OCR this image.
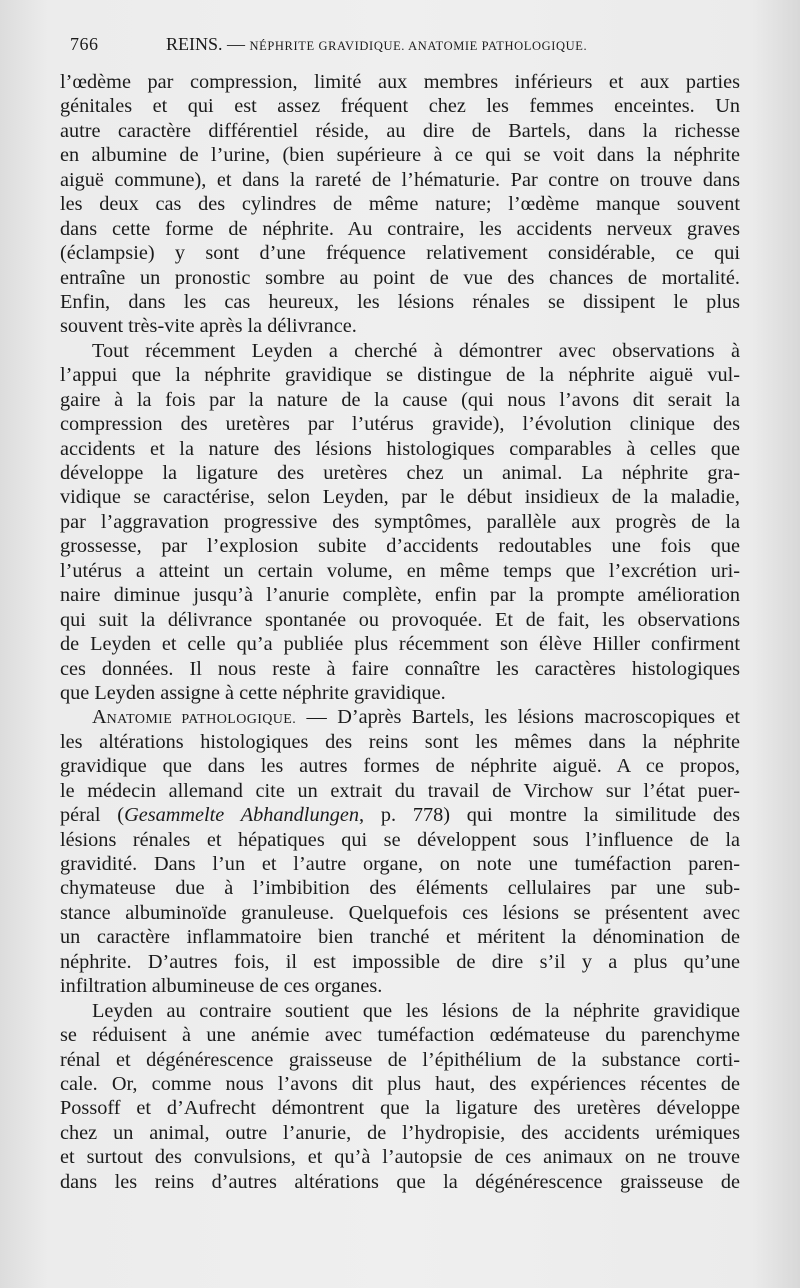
766	REINS. — NÉPHRITE GRAVIDIQUE. ANATOMIE PATHOLOGIQUE.
l’œdème par compression, limité aux membres inférieurs et aux parties
génitales et qui est assez fréquent chez les femmes enceintes. Un
autre caractère différentiel réside, au dire de Bartels, dans la richesse
en albumine de l’urine, (bien supérieure à ce qui se voit dans la néphrite
aiguë commune), et dans la rareté de l’hématurie. Par contre on trouve dans
les deux cas des cylindres de même nature; l’œdème manque souvent
dans cette forme de néphrite. Au contraire, les accidents nerveux graves
(éclampsie) y sont d’une fréquence relativement considérable, ce qui
entraîne un pronostic sombre au point de vue des chances de mortalité.
Enfin, dans les cas heureux, les lésions rénales se dissipent le plus
souvent très-vite après la délivrance.
Tout récemment Leyden a cherché à démontrer avec observations à
l’appui que la néphrite gravidique se distingue de la néphrite aiguë vul-
gaire à la fois par la nature de la cause (qui nous l’avons dit serait la
compression des uretères par l’utérus gravide), l’évolution clinique des
accidents et la nature des lésions histologiques comparables à celles que
développe la ligature des uretères chez un animal. La néphrite gra-
vidique se caractérise, selon Leyden, par le début insidieux de la maladie,
par l’aggravation progressive des symptômes, parallèle aux progrès de la
grossesse, par l’explosion subite d’accidents redoutables une fois que
l’utérus a atteint un certain volume, en même temps que l’excrétion uri-
naire diminue jusqu’à l’anurie complète, enfin par la prompte amélioration
qui suit la délivrance spontanée ou provoquée. Et de fait, les observations
de Leyden et celle qu’a publiée plus récemment son élève Hiller confirment
ces données. Il nous reste à faire connaître les caractères histologiques
que Leyden assigne à cette néphrite gravidique.
ANATOMIE PATHOLOGIQUE. — D’après Bartels, les lésions macroscopiques et
les altérations histologiques des reins sont les mêmes dans la néphrite
gravidique que dans les autres formes de néphrite aiguë. A ce propos,
le médecin allemand cite un extrait du travail de Virchow sur l’état puer-
péral (Gesammelte Abhandlungen, p. 778) qui montre la similitude des
lésions rénales et hépatiques qui se développent sous l’influence de la
gravidité. Dans l’un et l’autre organe, on note une tuméfaction paren-
chymateuse due à l’imbibition des éléments cellulaires par une sub-
stance albuminoïde granuleuse. Quelquefois ces lésions se présentent avec
un caractère inflammatoire bien tranché et méritent la dénomination de
néphrite. D’autres fois, il est impossible de dire s’il y a plus qu’une
infiltration albumineuse de ces organes.
Leyden au contraire soutient que les lésions de la néphrite gravidique
se réduisent à une anémie avec tuméfaction œdémateuse du parenchyme
rénal et dégénérescence graisseuse de l’épithélium de la substance corti-
cale. Or, comme nous l’avons dit plus haut, des expériences récentes de
Possoff et d’Aufrecht démontrent que la ligature des uretères développe
chez un animal, outre l’anurie, de l’hydropisie, des accidents urémiques
et surtout des convulsions, et qu’à l’autopsie de ces animaux on ne trouve
dans les reins d’autres altérations que la dégénérescence graisseuse de
